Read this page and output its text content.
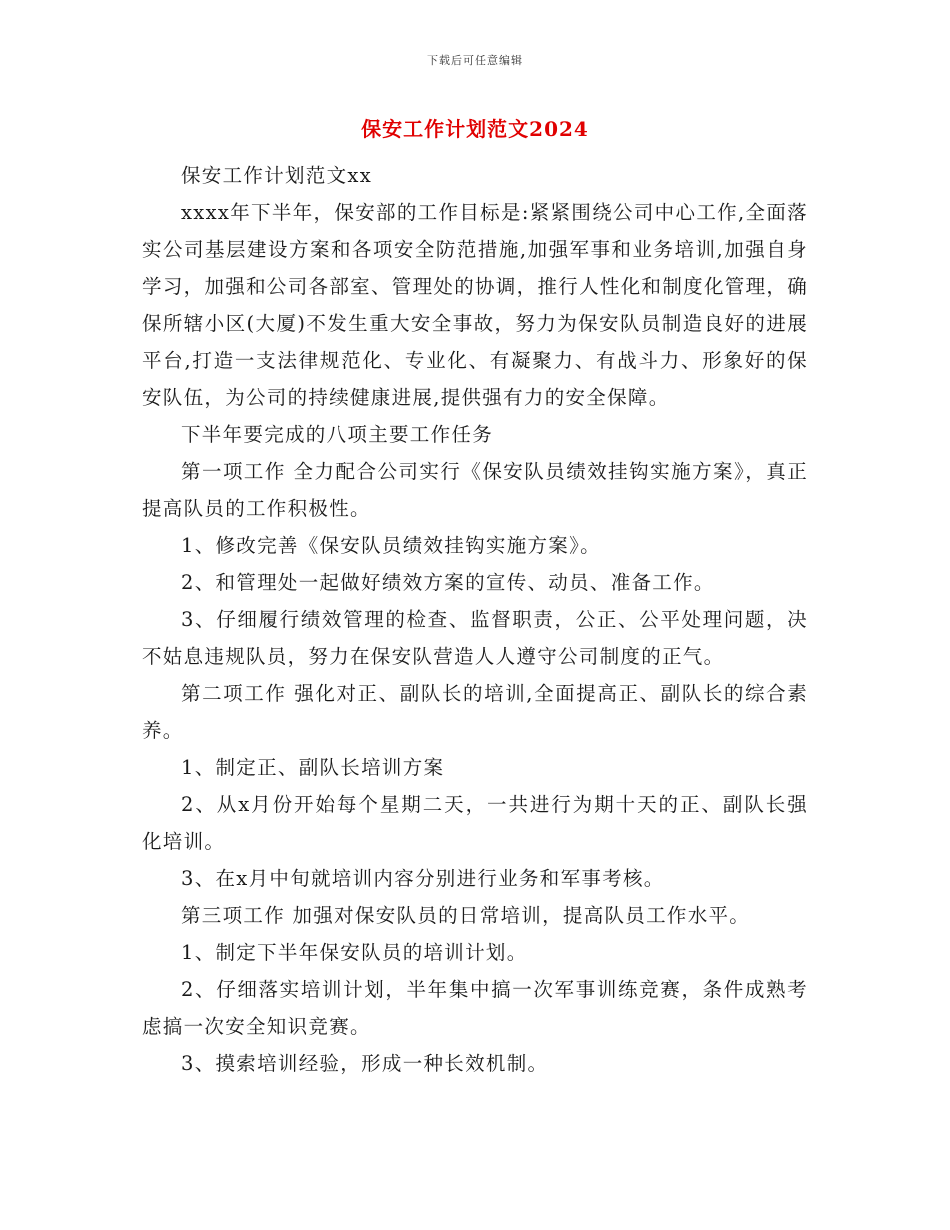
下载后可任意编辑
保安工作计划范文2024

保安工作计划范文xx

xxxx年下半年，保安部的工作目标是:紧紧围绕公司中心工作,全面落实公司基层建设方案和各项安全防范措施,加强军事和业务培训,加强自身学习，加强和公司各部室、管理处的协调，推行人性化和制度化管理，确保所辖小区(大厦)不发生重大安全事故，努力为保安队员制造良好的进展平台,打造一支法律规范化、专业化、有凝聚力、有战斗力、形象好的保安队伍，为公司的持续健康进展,提供强有力的安全保障。

下半年要完成的八项主要工作任务

第一项工作 全力配合公司实行《保安队员绩效挂钩实施方案》，真正提高队员的工作积极性。

1、修改完善《保安队员绩效挂钩实施方案》。

2、和管理处一起做好绩效方案的宣传、动员、准备工作。

3、仔细履行绩效管理的检查、监督职责，公正、公平处理问题，决不姑息违规队员，努力在保安队营造人人遵守公司制度的正气。

第二项工作 强化对正、副队长的培训,全面提高正、副队长的综合素养。

1、制定正、副队长培训方案

2、从x月份开始每个星期二天，一共进行为期十天的正、副队长强化培训。

3、在x月中旬就培训内容分别进行业务和军事考核。

第三项工作 加强对保安队员的日常培训，提高队员工作水平。

1、制定下半年保安队员的培训计划。

2、仔细落实培训计划，半年集中搞一次军事训练竞赛，条件成熟考虑搞一次安全知识竞赛。

3、摸索培训经验，形成一种长效机制。
